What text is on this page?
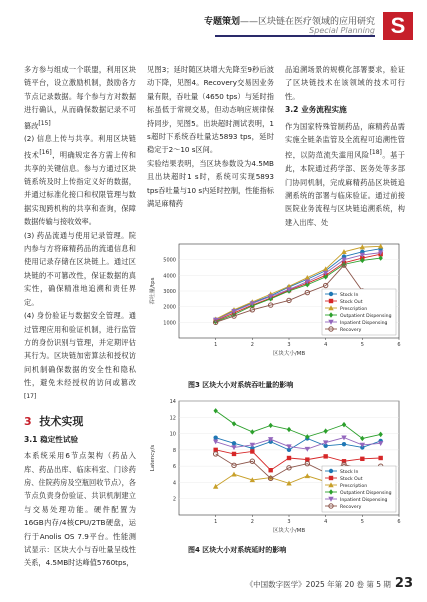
专题策划——区块链在医疗领域的应用研究
Special Planning S

多方参与组成一个联盟，利用区块链平台，设立激励机制，鼓励各方节点记录数据。每个参与方对数据进行确认，从而确保数据记录不可篡改[15]

(2) 信息上传与共享。利用区块链技术[16]，明确规定各方需上传和共享的关键信息。参与方通过区块链系统及时上传指定义好的数据，并通过标准化接口和权限管理与数据实现跨机构的共享和查询，保障数据传输与接收效率。

(3) 药品流通与使用记录管理。院内参与方将麻精药品的流通信息和使用记录存储在区块链上。通过区块链的不可篡改性，保证数据的真实性，确保精准地追溯和责任界定。

(4) 身份验证与数据安全管理。通过管理应用和验证机制，进行监管方的身份识别与管理，并定期评估其行为。区块链加密算法和授权访问机制确保数据的安全性和隐私性，避免未经授权的访问或篡改[17]

3 技术实现
3.1 稳定性试验

本系统采用6节点架构（药品入库、药品出库、临床科室、门诊药房、住院药房及空瓶回收节点），各节点负责身份验证、共识机制建立与交易处理功能。硬件配置为16GB内存/4核CPU/2TB硬盘，运行于Anolis OS 7.9平台。性能测试显示：区块大小与吞吐量呈线性关系，4.5MB时达峰值5760tps，

见图3；延时随区块增大先降至9秒后波动下降，见图4。Recovery交易因业务量有限，吞吐量（4650 tps）与延时指标虽低于常规交易，但动态响应规律保持同步，见图5。出块超时测试表明，1 s超时下系统吞吐量达5893 tps，延时稳定于2～10 s区间。

实验结果表明，当区块参数设为4.5MB且出块超时1 s时，系统可实现5893 tps吞吐量与10 s内延时控制，性能指标满足麻精药

品追溯场景的规模化部署要求，验证了区块链技术在该领域的技术可行性。

3.2 业务流程实施

作为国家特殊管制药品，麻精药品需实施全链条监管及全流程可追溯性管控，以防范流失滥用风险[18]。基于此，本院通过药学部、医务处等多部门协同机制，完成麻精药品区块链追溯系统的部署与临床验证。通过前接医院业务流程与区块链追溯系统，构建入出库、处

1000
2000
3000
4000
5000
1	2	3	4	5	6
区块大小/MB
吞吐量/tps	Stock In
Stock Out
Prescription
Outpatient Dispensing
Inpatient Dispensing
Recovery
图3 区块大小对系统吞吐量的影响
2
4
6
8
10
12
14
1	2	3	4	5	6
区块大小/MB
Latency/s
Stock In
Stock Out
Prescription
Outpatient Dispensing
Inpatient Dispensing
Recovery
图4 区块大小对系统延时的影响
《中国数字医学》2025 年第 20 卷 第 5 期 23
